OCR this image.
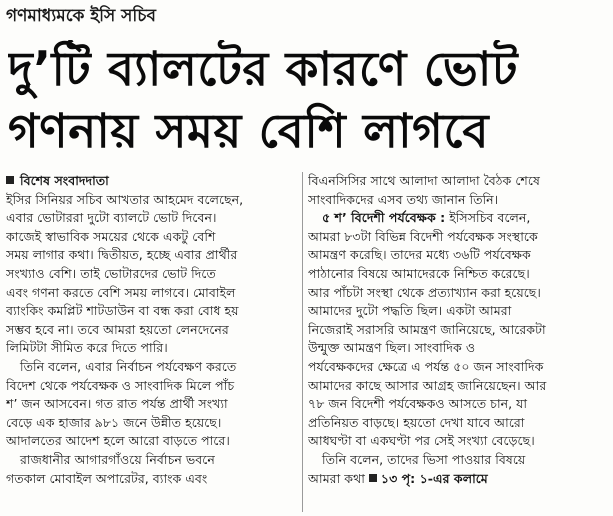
গণমাধ্যমকে ইসি সচিব
দু’টি ব্যালটের কারণে ভোট
গণনায় সময় বেশি লাগবে
বিশেষ সংবাদদাতা
ইসির সিনিয়র সচিব আখতার আহমেদ বলেছেন,
এবার ভোটাররা দুটো ব্যালটে ভোট দিবেন।
কাজেই স্বাভাবিক সময়ের থেকে একটু বেশি
সময় লাগার কথা। দ্বিতীয়ত, হচ্ছে এবার প্রার্থীর
সংখ্যাও বেশি। তাই ভোটারদের ভোট দিতে
এবং গণনা করতে বেশি সময় লাগবে। মোবাইল
ব্যাংকিং কমপ্লিট শাটডাউন বা বন্ধ করা বোধ হয়
সম্ভব হবে না। তবে আমরা হয়তো লেনদেনের
লিমিটটা সীমিত করে দিতে পারি।
তিনি বলেন, এবার নির্বাচন পর্যবেক্ষণ করতে
বিদেশ থেকে পর্যবেক্ষক ও সাংবাদিক মিলে পাঁচ
শ’ জন আসবেন। গত রাত পর্যন্ত প্রার্থী সংখ্যা
বেড়ে এক হাজার ৯৮১ জনে উন্নীত হয়েছে।
আদালতের আদেশ হলে আরো বাড়তে পারে।
রাজধানীর আগারগাঁওয়ে নির্বাচন ভবনে
গতকাল মোবাইল অপারেটর, ব্যাংক এবং
বিএনসিসির সাথে আলাদা আলাদা বৈঠক শেষে
সাংবাদিকদের এসব তথ্য জানান তিনি।
৫ শ’ বিদেশী পর্যবেক্ষক : ইসিসচিব বলেন,
আমরা ৮৩টা বিভিন্ন বিদেশী পর্যবেক্ষক সংস্থাকে
আমন্ত্রণ করেছি। তাদের মধ্যে ৩৬টি পর্যবেক্ষক
পাঠানোর বিষয়ে আমাদেরকে নিশ্চিত করেছে।
আর পাঁচটা সংস্থা থেকে প্রত্যাখ্যান করা হয়েছে।
আমাদের দুটো পদ্ধতি ছিল। একটা আমরা
নিজেরাই সরাসরি আমন্ত্রণ জানিয়েছে, আরেকটা
উন্মুক্ত আমন্ত্রণ ছিল। সাংবাদিক ও
পর্যবেক্ষকদের ক্ষেত্রে এ পর্যন্ত ৫০ জন সাংবাদিক
আমাদের কাছে আসার আগ্রহ জানিয়েছেন। আর
৭৮ জন বিদেশী পর্যবেক্ষকও আসতে চান, যা
প্রতিনিয়ত বাড়ছে। হয়তো দেখা যাবে আরো
আধঘণ্টা বা একঘণ্টা পর সেই সংখ্যা বেড়েছে।
তিনি বলেন, তাদের ভিসা পাওয়ার বিষয়ে
আমরা কথা ১৩ পৃ: ১-এর কলামে
